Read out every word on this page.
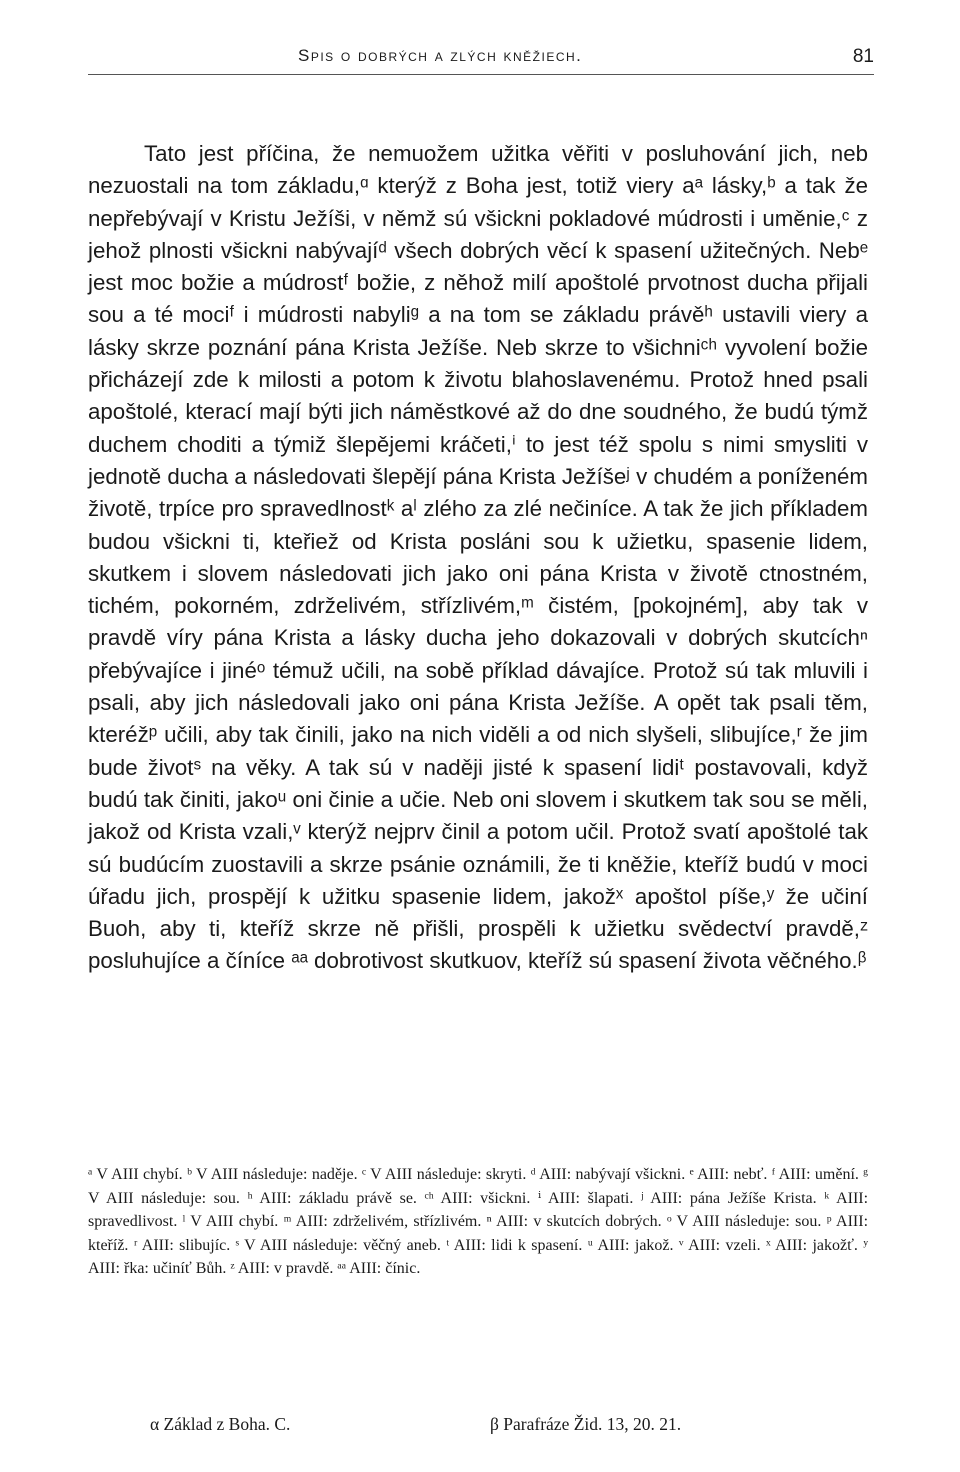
Spis o dobrých a zlých kněžiech.	81

Tato jest příčina, že nemuožem užitka věřiti v posluhování jich, neb nezuostali na tom základu,ᵅ kterýž z Boha jest, totiž viery aᵃ lásky,ᵇ a tak že nepřebývají v Kristu Ježíši, v němž sú všickni pokladové múdrosti i uměnie,ᶜ z jehož plnosti všickni nabývajíᵈ všech dobrých věcí k spasení užitečných. Nebᵉ jest moc božie a múdrostᶠ božie, z něhož milí apoštolé prvotnost ducha přijali sou a té mociᶠ i múdrosti nabyliᵍ a na tom se základu právěʰ ustavili viery a lásky skrze poznání pána Krista Ježíše. Neb skrze to všichniᶜʰ vyvolení božie přicházejí zde k milosti a potom k životu blahoslavenému. Protož hned psali apoštolé, kterací mají býti jich náměstkové až do dne soudného, že budú týmž duchem choditi a týmiž šlepějemi kráčeti,ⁱ to jest též spolu s nimi smysliti v jednotě ducha a následovati šlepějí pána Krista Ježíšeʲ v chudém a poníženém životě, trpíce pro spravedlnostᵏ aˡ zlého za zlé nečiníce. A tak že jich příkladem budou všickni ti, kteřiež od Krista posláni sou k užietku, spasenie lidem, skutkem i slovem následovati jich jako oni pána Krista v životě ctnostném, tichém, pokorném, zdrželivém, střízlivém,ᵐ čistém, [pokojném], aby tak v pravdě víry pána Krista a lásky ducha jeho dokazovali v dobrých skutcíchⁿ přebývajíce i jinéᵒ témuž učili, na sobě příklad dávajíce. Protož sú tak mluvili i psali, aby jich následovali jako oni pána Krista Ježíše. A opět tak psali těm, kteréžᵖ učili, aby tak činili, jako na nich viděli a od nich slyšeli, slibujíce,ʳ že jim bude životˢ na věky. A tak sú v naději jisté k spasení lidiᵗ postavovali, když budú tak činiti, jakoᵘ oni činie a učie. Neb oni slovem i skutkem tak sou se měli, jakož od Krista vzali,ᵛ kterýž nejprv činil a potom učil. Protož svatí apoštolé tak sú budúcím zuostavili a skrze psánie oznámili, že ti kněžie, kteříž budú v moci úřadu jich, prospějí k užitku spasenie lidem, jakožˣ apoštol píše,ʸ že učiní Buoh, aby ti, kteříž skrze ně přišli, prospěli k užietku svědectví pravdě,ᶻ posluhujíce a číníce ᵃᵃ dobrotivost skutkuov, kteříž sú spasení života věčného.ᵝ

ᵃ V AIII chybí. ᵇ V AIII následuje: naděje. ᶜ V AIII následuje: skryti. ᵈ AIII: nabývají všickni. ᵉ AIII: nebť. ᶠ AIII: umění. ᵍ V AIII následuje: sou. ʰ AIII: základu právě se. ᶜʰ AIII: všickni. ⁱ AIII: šlapati. ʲ AIII: pána Ježíše Krista. ᵏ AIII: spravedlivost. ˡ V AIII chybí. ᵐ AIII: zdrželivém, střízlivém. ⁿ AIII: v skutcích dobrých. ᵒ V AIII následuje: sou. ᵖ AIII: kteříž. ʳ AIII: slibujíc. ˢ V AIII následuje: věčný aneb. ᵗ AIII: lidi k spasení. ᵘ AIII: jakož. ᵛ AIII: vzeli. ˣ AIII: jakožť. ʸ AIII: řka: učiníť Bůh. ᶻ AIII: v pravdě. ᵃᵃ AIII: čínic.
α Základ z Boha. C.	β Parafráze Žid. 13, 20. 21.
